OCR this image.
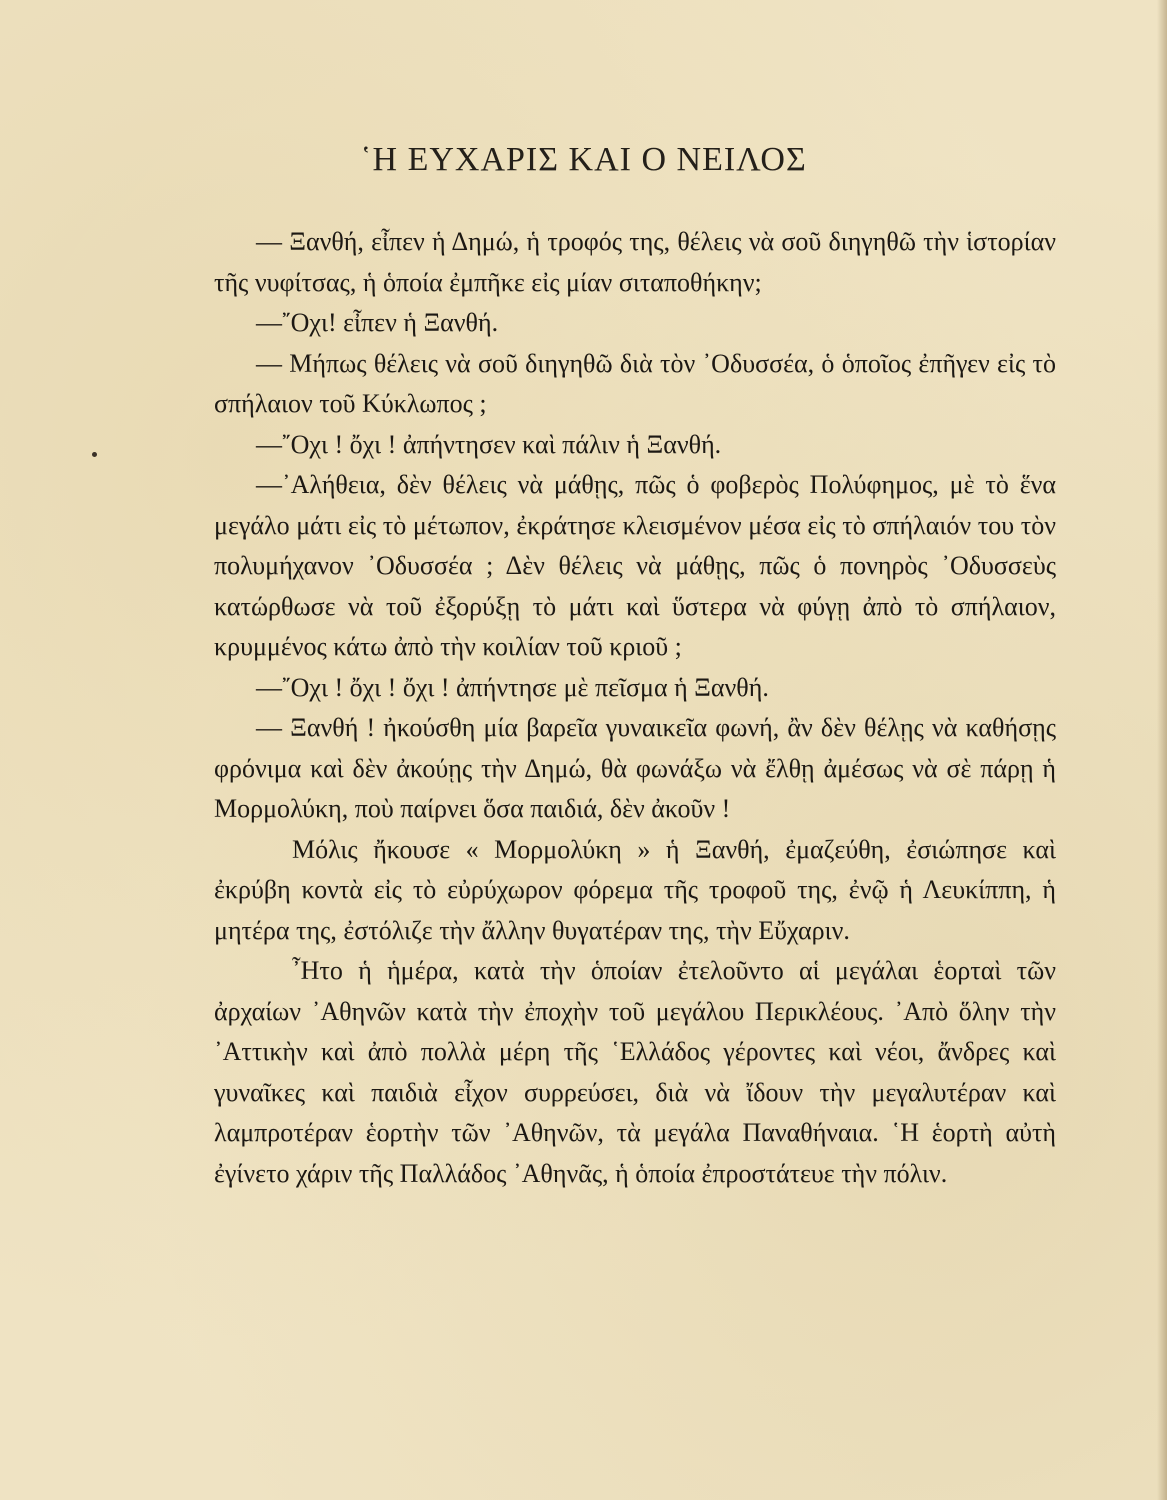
῾Η ΕΥΧΑΡΙΣ ΚΑΙ Ο ΝΕΙΛΟΣ

— Ξανθή, εἶπεν ἡ Δημώ, ἡ τροφός της, θέλεις νὰ σοῦ διηγηθῶ τὴν ἱστορίαν τῆς νυφίτσας, ἡ ὁποία ἐμπῆκε εἰς μίαν σιταποθήκην;

—῎Οχι! εἶπεν ἡ Ξανθή.

— Μήπως θέλεις νὰ σοῦ διηγηθῶ διὰ τὸν ᾿Οδυσσέα, ὁ ὁποῖος ἐπῆγεν εἰς τὸ σπήλαιον τοῦ Κύκλωπος ;

—῎Οχι ! ὄχι ! ἀπήντησεν καὶ πάλιν ἡ Ξανθή.

—᾿Αλήθεια, δὲν θέλεις νὰ μάθῃς, πῶς ὁ φοβερὸς Πολύφημος, μὲ τὸ ἕνα μεγάλο μάτι εἰς τὸ μέτωπον, ἐκράτησε κλεισμένον μέσα εἰς τὸ σπήλαιόν του τὸν πολυμήχανον ᾿Οδυσσέα ; Δὲν θέλεις νὰ μάθῃς, πῶς ὁ πονηρὸς ᾿Οδυσσεὺς κατώρθωσε νὰ τοῦ ἐξορύξῃ τὸ μάτι καὶ ὕστερα νὰ φύγῃ ἀπὸ τὸ σπήλαιον, κρυμμένος κάτω ἀπὸ τὴν κοιλίαν τοῦ κριοῦ ;

—῎Οχι ! ὄχι ! ὄχι ! ἀπήντησε μὲ πεῖσμα ἡ Ξανθή.

— Ξανθή ! ἠκούσθη μία βαρεῖα γυναικεῖα φωνή, ἂν δὲν θέλῃς νὰ καθήσῃς φρόνιμα καὶ δὲν ἀκούῃς τὴν Δημώ, θὰ φωνάξω νὰ ἔλθῃ ἀμέσως νὰ σὲ πάρῃ ἡ Μορμολύκη, ποὺ παίρνει ὅσα παιδιά, δὲν ἀκοῦν !

Μόλις ἤκουσε « Μορμολύκη » ἡ Ξανθή, ἐμαζεύθη, ἐσιώπησε καὶ ἐκρύβη κοντὰ εἰς τὸ εὐρύχωρον φόρεμα τῆς τροφοῦ της, ἐνῷ ἡ Λευκίππη, ἡ μητέρα της, ἐστόλιζε τὴν ἄλλην θυγατέραν της, τὴν Εὔχαριν.

῏Ητο ἡ ἡμέρα, κατὰ τὴν ὁποίαν ἐτελοῦντο αἱ μεγάλαι ἑορταὶ τῶν ἀρχαίων ᾿Αθηνῶν κατὰ τὴν ἐποχὴν τοῦ μεγάλου Περικλέους. ᾿Απὸ ὅλην τὴν ᾿Αττικὴν καὶ ἀπὸ πολλὰ μέρη τῆς ῾Ελλάδος γέροντες καὶ νέοι, ἄνδρες καὶ γυναῖκες καὶ παιδιὰ εἶχον συρρεύσει, διὰ νὰ ἴδουν τὴν μεγαλυτέραν καὶ λαμπροτέραν ἑορτὴν τῶν ᾿Αθηνῶν, τὰ μεγάλα Παναθήναια. ῾Η ἑορτὴ αὐτὴ ἐγίνετο χάριν τῆς Παλλάδος ᾿Αθηνᾶς, ἡ ὁποία ἐπροστάτευε τὴν πόλιν.
